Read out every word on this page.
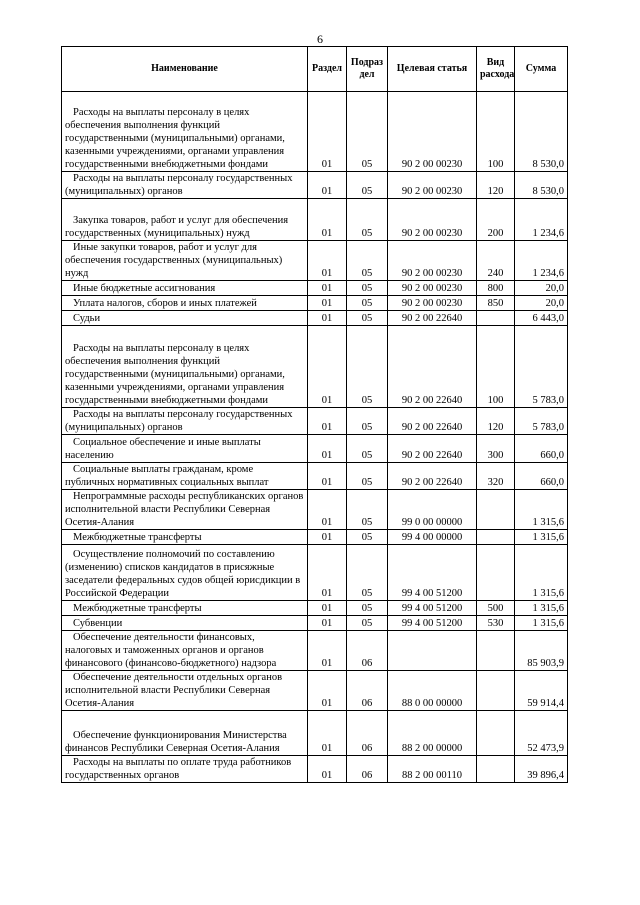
6
Наименование	Раздел	Подраз дел	Целевая статья	Вид расхода	Сумма
Расходы на выплаты персоналу в целях обеспечения выполнения функций государственными (муниципальными) органами, казенными учреждениями, органами управления государственными внебюджетными фондами	01	05	90 2 00 00230	100	8 530,0
Расходы на выплаты персоналу государственных (муниципальных) органов	01	05	90 2 00 00230	120	8 530,0
Закупка товаров, работ и услуг для обеспечения государственных (муниципальных) нужд	01	05	90 2 00 00230	200	1 234,6
Иные закупки товаров, работ и услуг для обеспечения государственных (муниципальных) нужд	01	05	90 2 00 00230	240	1 234,6
Иные бюджетные ассигнования	01	05	90 2 00 00230	800	20,0
Уплата налогов, сборов и иных платежей	01	05	90 2 00 00230	850	20,0
Судьи	01	05	90 2 00 22640		6 443,0
Расходы на выплаты персоналу в целях обеспечения выполнения функций государственными (муниципальными) органами, казенными учреждениями, органами управления государственными внебюджетными фондами	01	05	90 2 00 22640	100	5 783,0
Расходы на выплаты персоналу государственных (муниципальных) органов	01	05	90 2 00 22640	120	5 783,0
Социальное обеспечение и иные выплаты населению	01	05	90 2 00 22640	300	660,0
Социальные выплаты гражданам, кроме публичных нормативных социальных выплат	01	05	90 2 00 22640	320	660,0
Непрограммные расходы республиканских органов исполнительной власти Республики Северная Осетия-Алания	01	05	99 0 00 00000		1 315,6
Межбюджетные трансферты	01	05	99 4 00 00000		1 315,6
Осуществление полномочий по составлению (изменению) списков кандидатов в присяжные заседатели федеральных судов общей юрисдикции в Российской Федерации	01	05	99 4 00 51200		1 315,6
Межбюджетные трансферты	01	05	99 4 00 51200	500	1 315,6
Субвенции	01	05	99 4 00 51200	530	1 315,6
Обеспечение деятельности финансовых, налоговых и таможенных органов и органов финансового (финансово-бюджетного) надзора	01	06			85 903,9
Обеспечение деятельности отдельных органов исполнительной власти Республики Северная Осетия-Алания	01	06	88 0 00 00000		59 914,4
Обеспечение функционирования Министерства финансов Республики Северная Осетия-Алания	01	06	88 2 00 00000		52 473,9
Расходы на выплаты по оплате труда работников государственных органов	01	06	88 2 00 00110		39 896,4
